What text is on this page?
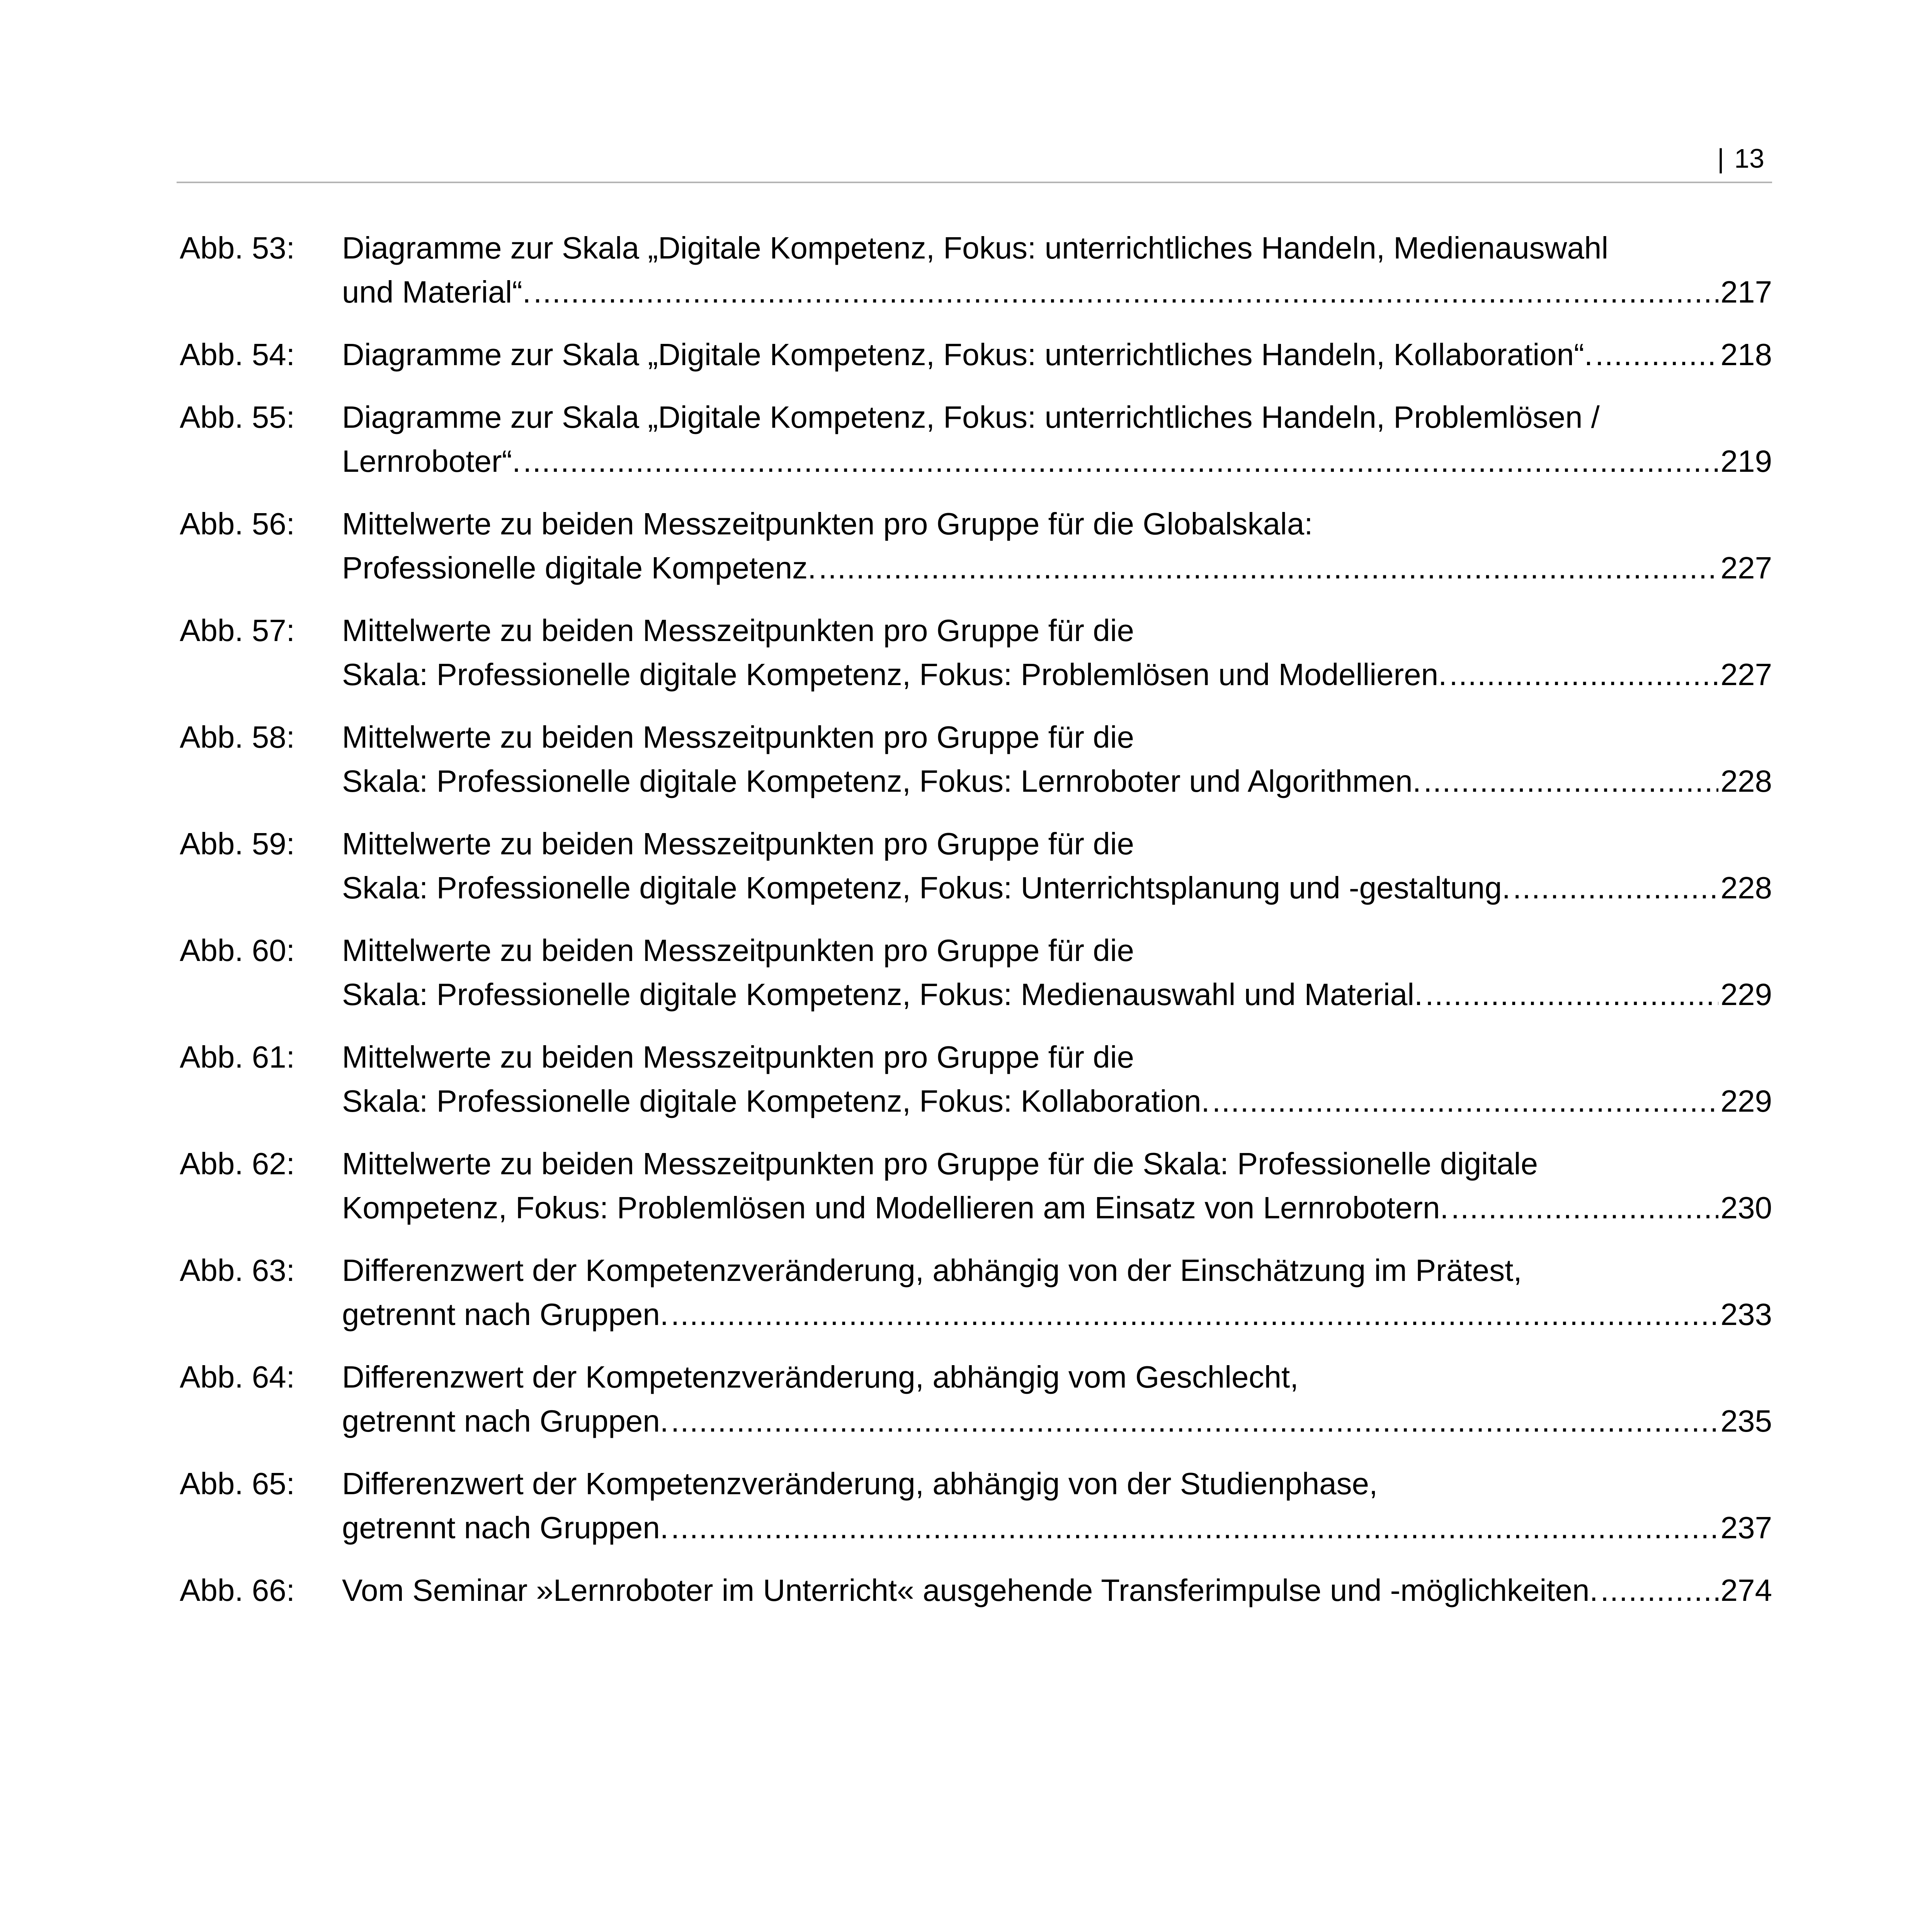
| 13
Abb. 53:	Diagramme zur Skala „Digitale Kompetenz, Fokus: unterrichtliches Handeln, Medienauswahl
und Material“. .....	217
Abb. 54:	Diagramme zur Skala „Digitale Kompetenz, Fokus: unterrichtliches Handeln, Kollaboration“. .....	218
Abb. 55:	Diagramme zur Skala „Digitale Kompetenz, Fokus: unterrichtliches Handeln, Problemlösen /
Lernroboter“. .....	219
Abb. 56:	Mittelwerte zu beiden Messzeitpunkten pro Gruppe für die Globalskala:
Professionelle digitale Kompetenz. .....	227
Abb. 57:	Mittelwerte zu beiden Messzeitpunkten pro Gruppe für die
Skala: Professionelle digitale Kompetenz, Fokus: Problemlösen und Modellieren. .....	227
Abb. 58:	Mittelwerte zu beiden Messzeitpunkten pro Gruppe für die
Skala: Professionelle digitale Kompetenz, Fokus: Lernroboter und Algorithmen. .....	228
Abb. 59:	Mittelwerte zu beiden Messzeitpunkten pro Gruppe für die
Skala: Professionelle digitale Kompetenz, Fokus: Unterrichtsplanung und -gestaltung. .....	228
Abb. 60:	Mittelwerte zu beiden Messzeitpunkten pro Gruppe für die
Skala: Professionelle digitale Kompetenz, Fokus: Medienauswahl und Material. .....	229
Abb. 61:	Mittelwerte zu beiden Messzeitpunkten pro Gruppe für die
Skala: Professionelle digitale Kompetenz, Fokus: Kollaboration. .....	229
Abb. 62:	Mittelwerte zu beiden Messzeitpunkten pro Gruppe für die Skala: Professionelle digitale
Kompetenz, Fokus: Problemlösen und Modellieren am Einsatz von Lernrobotern. .....	230
Abb. 63:	Differenzwert der Kompetenzveränderung, abhängig von der Einschätzung im Prätest,
getrennt nach Gruppen. .....	233
Abb. 64:	Differenzwert der Kompetenzveränderung, abhängig vom Geschlecht,
getrennt nach Gruppen. .....	235
Abb. 65:	Differenzwert der Kompetenzveränderung, abhängig von der Studienphase,
getrennt nach Gruppen. .....	237
Abb. 66:	Vom Seminar »Lernroboter im Unterricht« ausgehende Transferimpulse und -möglichkeiten. .....	274
